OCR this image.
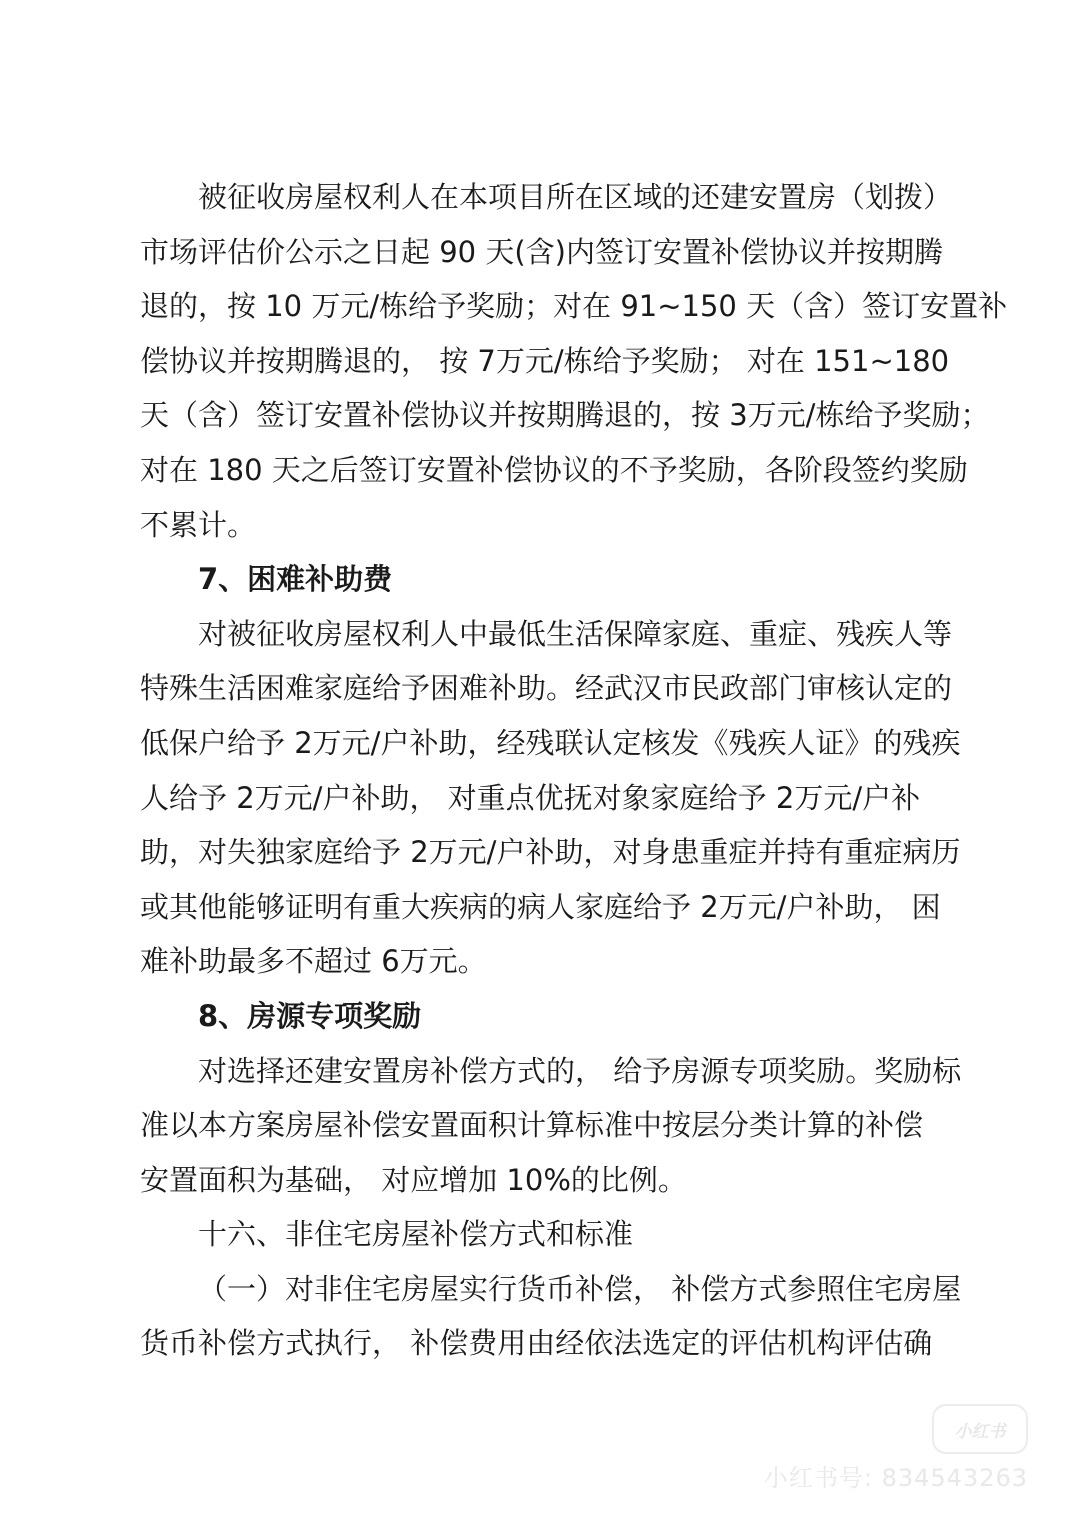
被征收房屋权利人在本项目所在区域的还建安置房（划拨）
市场评估价公示之日起 90 天(含)内签订安置补偿协议并按期腾
退的，按 10 万元/栋给予奖励；对在 91~150 天（含）签订安置补
偿协议并按期腾退的， 按 7万元/栋给予奖励； 对在 151~180
天（含）签订安置补偿协议并按期腾退的，按 3万元/栋给予奖励；
对在 180 天之后签订安置补偿协议的不予奖励，各阶段签约奖励
不累计。
7、困难补助费
对被征收房屋权利人中最低生活保障家庭、重症、残疾人等
特殊生活困难家庭给予困难补助。经武汉市民政部门审核认定的
低保户给予 2万元/户补助，经残联认定核发《残疾人证》的残疾
人给予 2万元/户补助， 对重点优抚对象家庭给予 2万元/户补
助，对失独家庭给予 2万元/户补助，对身患重症并持有重症病历
或其他能够证明有重大疾病的病人家庭给予 2万元/户补助， 困
难补助最多不超过 6万元。
8、房源专项奖励
对选择还建安置房补偿方式的， 给予房源专项奖励。奖励标
准以本方案房屋补偿安置面积计算标准中按层分类计算的补偿
安置面积为基础， 对应增加 10%的比例。
十六、非住宅房屋补偿方式和标准
（一）对非住宅房屋实行货币补偿， 补偿方式参照住宅房屋
货币补偿方式执行， 补偿费用由经依法选定的评估机构评估确
小红书
小红书号: 834543263
